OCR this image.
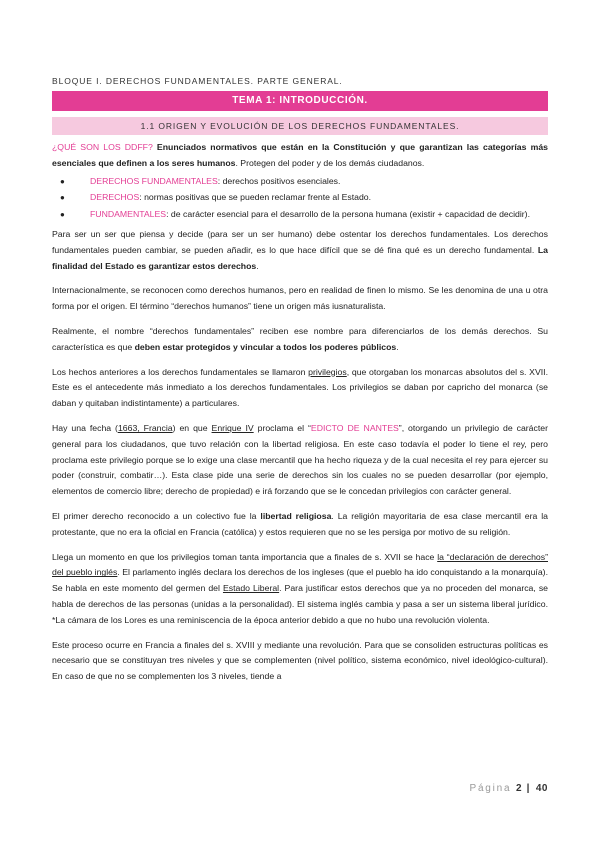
BLOQUE I. DERECHOS FUNDAMENTALES. PARTE GENERAL.
TEMA 1: INTRODUCCIÓN.
1.1 ORIGEN Y EVOLUCIÓN DE LOS DERECHOS FUNDAMENTALES.

¿QUÉ SON LOS DDFF? Enunciados normativos que están en la Constitución y que garantizan las categorías más esenciales que definen a los seres humanos. Protegen del poder y de los demás ciudadanos.

●	DERECHOS FUNDAMENTALES: derechos positivos esenciales.
●	DERECHOS: normas positivas que se pueden reclamar frente al Estado.
●	FUNDAMENTALES: de carácter esencial para el desarrollo de la persona humana (existir + capacidad de decidir).

Para ser un ser que piensa y decide (para ser un ser humano) debe ostentar los derechos fundamentales. Los derechos fundamentales pueden cambiar, se pueden añadir, es lo que hace difícil que se dé fina qué es un derecho fundamental. La finalidad del Estado es garantizar estos derechos.

Internacionalmente, se reconocen como derechos humanos, pero en realidad de finen lo mismo. Se les denomina de una u otra forma por el origen. El término “derechos humanos” tiene un origen más iusnaturalista.

Realmente, el nombre “derechos fundamentales” reciben ese nombre para diferenciarlos de los demás derechos. Su característica es que deben estar protegidos y vincular a todos los poderes públicos.

Los hechos anteriores a los derechos fundamentales se llamaron privilegios, que otorgaban los monarcas absolutos del s. XVII. Este es el antecedente más inmediato a los derechos fundamentales. Los privilegios se daban por capricho del monarca (se daban y quitaban indistintamente) a particulares.

Hay una fecha (1663, Francia) en que Enrique IV proclama el “EDICTO DE NANTES”, otorgando un privilegio de carácter general para los ciudadanos, que tuvo relación con la libertad religiosa. En este caso todavía el poder lo tiene el rey, pero proclama este privilegio porque se lo exige una clase mercantil que ha hecho riqueza y de la cual necesita el rey para ejercer su poder (construir, combatir…). Esta clase pide una serie de derechos sin los cuales no se pueden desarrollar (por ejemplo, elementos de comercio libre; derecho de propiedad) e irá forzando que se le concedan privilegios con carácter general.

El primer derecho reconocido a un colectivo fue la libertad religiosa. La religión mayoritaria de esa clase mercantil era la protestante, que no era la oficial en Francia (católica) y estos requieren que no se les persiga por motivo de su religión.

Llega un momento en que los privilegios toman tanta importancia que a finales de s. XVII se hace la “declaración de derechos” del pueblo inglés. El parlamento inglés declara los derechos de los ingleses (que el pueblo ha ido conquistando a la monarquía). Se habla en este momento del germen del Estado Liberal. Para justificar estos derechos que ya no proceden del monarca, se habla de derechos de las personas (unidas a la personalidad). El sistema inglés cambia y pasa a ser un sistema liberal jurídico. *La cámara de los Lores es una reminiscencia de la época anterior debido a que no hubo una revolución violenta.

Este proceso ocurre en Francia a finales del s. XVIII y mediante una revolución. Para que se consoliden estructuras políticas es necesario que se constituyan tres niveles y que se complementen (nivel político, sistema económico, nivel ideológico-cultural). En caso de que no se complementen los 3 niveles, tiende a

Página 2 | 40
